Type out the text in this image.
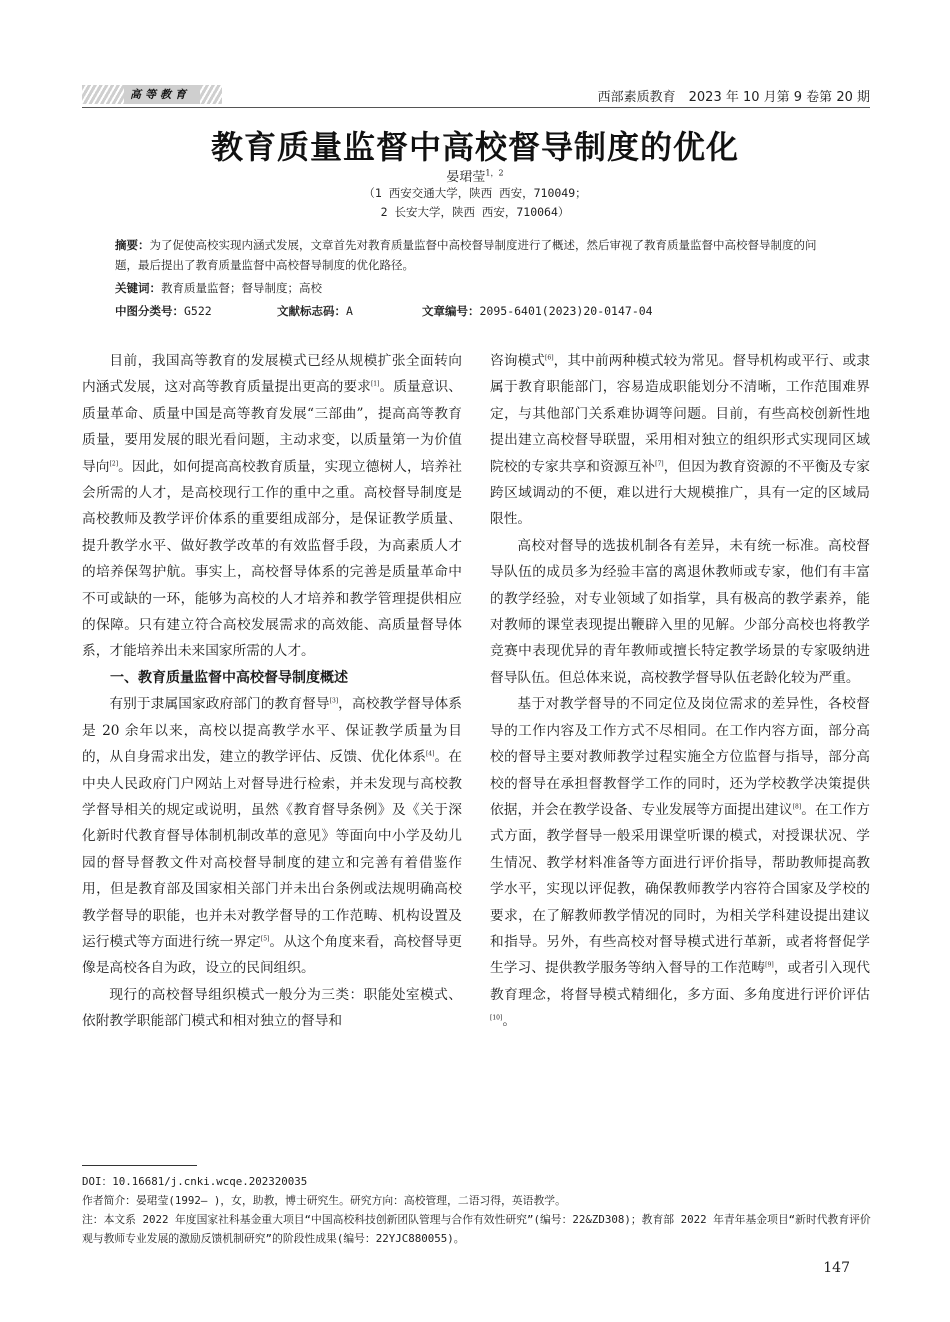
高等教育	西部素质教育　2023 年 10 月第 9 卷第 20 期
教育质量监督中高校督导制度的优化
晏珺莹$^{1,2}$
（1 西安交通大学，陕西 西安，710049；
2 长安大学，陕西 西安，710064）
摘要：为了促使高校实现内涵式发展，文章首先对教育质量监督中高校督导制度进行了概述，然后审视了教育质量监督中高校督导制度的问题，最后提出了教育质量监督中高校督导制度的优化路径。
关键词：教育质量监督；督导制度；高校
中图分类号：G522	文献标志码：A	文章编号：2095-6401(2023)20-0147-04

目前，我国高等教育的发展模式已经从规模扩张全面转向内涵式发展，这对高等教育质量提出更高的要求[1]。质量意识、质量革命、质量中国是高等教育发展“三部曲”，提高高等教育质量，要用发展的眼光看问题，主动求变，以质量第一为价值导向[2]。因此，如何提高高校教育质量，实现立德树人，培养社会所需的人才，是高校现行工作的重中之重。高校督导制度是高校教师及教学评价体系的重要组成部分，是保证教学质量、提升教学水平、做好教学改革的有效监督手段，为高素质人才的培养保驾护航。事实上，高校督导体系的完善是质量革命中不可或缺的一环，能够为高校的人才培养和教学管理提供相应的保障。只有建立符合高校发展需求的高效能、高质量督导体系，才能培养出未来国家所需的人才。

一、教育质量监督中高校督导制度概述

有别于隶属国家政府部门的教育督导[3]，高校教学督导体系是 20 余年以来，高校以提高教学水平、保证教学质量为目的，从自身需求出发，建立的教学评估、反馈、优化体系[4]。在中央人民政府门户网站上对督导进行检索，并未发现与高校教学督导相关的规定或说明，虽然《教育督导条例》及《关于深化新时代教育督导体制机制改革的意见》等面向中小学及幼儿园的督导督教文件对高校督导制度的建立和完善有着借鉴作用，但是教育部及国家相关部门并未出台条例或法规明确高校教学督导的职能，也并未对教学督导的工作范畴、机构设置及运行模式等方面进行统一界定[5]。从这个角度来看，高校督导更像是高校各自为政，设立的民间组织。

现行的高校督导组织模式一般分为三类：职能处室模式、依附教学职能部门模式和相对独立的督导和

咨询模式[6]，其中前两种模式较为常见。督导机构或平行、或隶属于教育职能部门，容易造成职能划分不清晰，工作范围难界定，与其他部门关系难协调等问题。目前，有些高校创新性地提出建立高校督导联盟，采用相对独立的组织形式实现同区域院校的专家共享和资源互补[7]，但因为教育资源的不平衡及专家跨区域调动的不便，难以进行大规模推广，具有一定的区域局限性。

高校对督导的选拔机制各有差异，未有统一标准。高校督导队伍的成员多为经验丰富的离退休教师或专家，他们有丰富的教学经验，对专业领域了如指掌，具有极高的教学素养，能对教师的课堂表现提出鞭辟入里的见解。少部分高校也将教学竞赛中表现优异的青年教师或擅长特定教学场景的专家吸纳进督导队伍。但总体来说，高校教学督导队伍老龄化较为严重。

基于对教学督导的不同定位及岗位需求的差异性，各校督导的工作内容及工作方式不尽相同。在工作内容方面，部分高校的督导主要对教师教学过程实施全方位监督与指导，部分高校的督导在承担督教督学工作的同时，还为学校教学决策提供依据，并会在教学设备、专业发展等方面提出建议[8]。在工作方式方面，教学督导一般采用课堂听课的模式，对授课状况、学生情况、教学材料准备等方面进行评价指导，帮助教师提高教学水平，实现以评促教，确保教师教学内容符合国家及学校的要求，在了解教师教学情况的同时，为相关学科建设提出建议和指导。另外，有些高校对督导模式进行革新，或者将督促学生学习、提供教学服务等纳入督导的工作范畴[9]，或者引入现代教育理念，将督导模式精细化，多方面、多角度进行评价评估[10]。

DOI：10.16681/j.cnki.wcqe.202320035
作者简介：晏珺莹(1992— )，女，助教，博士研究生。研究方向：高校管理，二语习得，英语教学。
注：本文系 2022 年度国家社科基金重大项目“中国高校科技创新团队管理与合作有效性研究”(编号：22&ZD308)；教育部 2022 年青年基金项目“新时代教育评价观与教师专业发展的激励反馈机制研究”的阶段性成果(编号：22YJC880055)。
147
